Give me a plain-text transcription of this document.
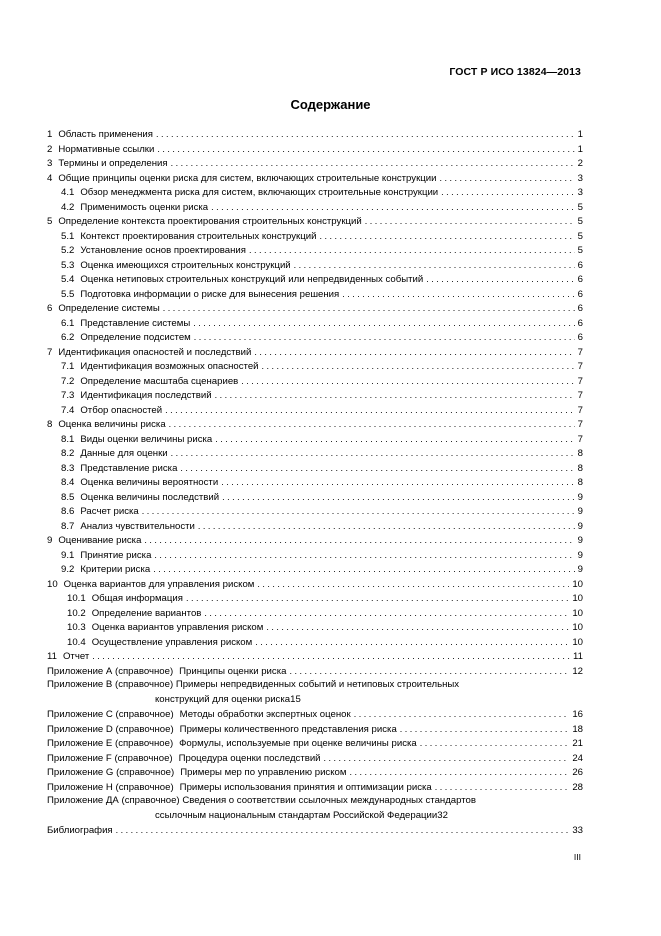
ГОСТ Р ИСО 13824—2013
Содержание
1 Область применения . . .	1
2 Нормативные ссылки . . .	1
3 Термины и определения . . .	2
4 Общие принципы оценки риска для систем, включающих строительные конструкции . . .	3
4.1 Обзор менеджмента риска для систем, включающих строительные конструкции . . .	3
4.2 Применимость оценки риска . . .	5
5 Определение контекста проектирования строительных конструкций . . .	5
5.1 Контекст проектирования строительных конструкций . . .	5
5.2 Установление основ проектирования . . .	5
5.3 Оценка имеющихся строительных конструкций . . .	6
5.4 Оценка нетиповых строительных конструкций или непредвиденных событий . . .	6
5.5 Подготовка информации о риске для вынесения решения . . .	6
6 Определение системы . . .	6
6.1 Представление системы . . .	6
6.2 Определение подсистем . . .	6
7 Идентификация опасностей и последствий . . .	7
7.1 Идентификация возможных опасностей . . .	7
7.2 Определение масштаба сценариев . . .	7
7.3 Идентификация последствий . . .	7
7.4 Отбор опасностей . . .	7
8 Оценка величины риска . . .	7
8.1 Виды оценки величины риска . . .	7
8.2 Данные для оценки . . .	8
8.3 Представление риска . . .	8
8.4 Оценка величины вероятности . . .	8
8.5 Оценка величины последствий . . .	9
8.6 Расчет риска . . .	9
8.7 Анализ чувствительности . . .	9
9 Оценивание риска . . .	9
9.1 Принятие риска . . .	9
9.2 Критерии риска . . .	9
10 Оценка вариантов для управления риском . . .	10
10.1 Общая информация . . .	10
10.2 Определение вариантов . . .	10
10.3 Оценка вариантов управления риском . . .	10
10.4 Осуществление управления риском . . .	10
11 Отчет . . .	11
Приложение А (справочное) Принципы оценки риска . . .	12
Приложение В (справочное) Примеры непредвиденных событий и нетиповых строительных
конструкций для оценки риска 15
Приложение С (справочное) Методы обработки экспертных оценок . . .	16
Приложение D (справочное) Примеры количественного представления риска . . .	18
Приложение Е (справочное) Формулы, используемые при оценке величины риска . . .	21
Приложение F (справочное) Процедура оценки последствий . . .	24
Приложение G (справочное) Примеры мер по управлению риском . . .	26
Приложение Н (справочное) Примеры использования принятия и оптимизации риска . . .	28
Приложение ДА (справочное) Сведения о соответствии ссылочных международных стандартов
ссылочным национальным стандартам Российской Федерации 32
Библиография . . .	33
III
